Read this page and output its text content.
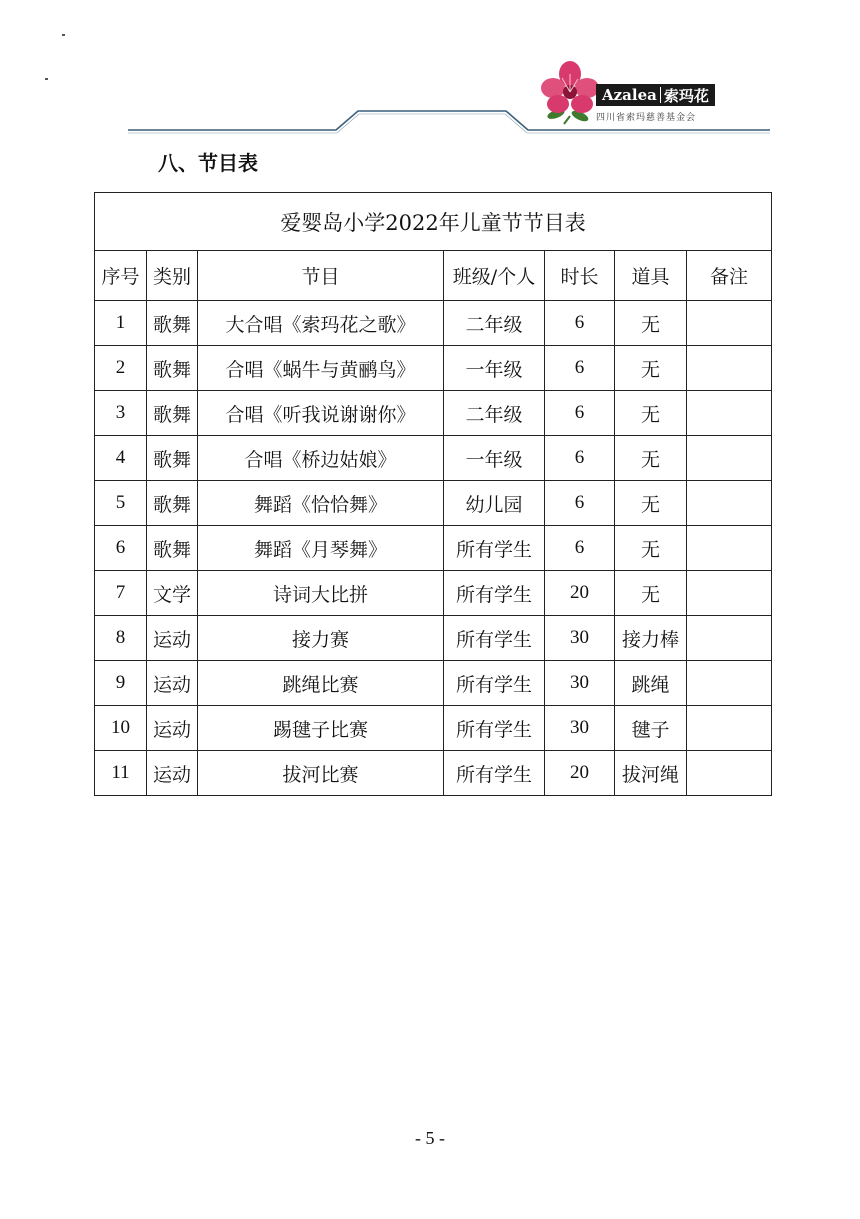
Azalea 索玛花
四川省索玛慈善基金会
八、节目表
爱婴岛小学2022年儿童节节目表						
序号	类别	节目	班级/个人	时长	道具	备注
1	歌舞	大合唱《索玛花之歌》	二年级	6	无	
2	歌舞	合唱《蜗牛与黄鹂鸟》	一年级	6	无	
3	歌舞	合唱《听我说谢谢你》	二年级	6	无	
4	歌舞	合唱《桥边姑娘》	一年级	6	无	
5	歌舞	舞蹈《恰恰舞》	幼儿园	6	无	
6	歌舞	舞蹈《月琴舞》	所有学生	6	无	
7	文学	诗词大比拼	所有学生	20	无	
8	运动	接力赛	所有学生	30	接力棒	
9	运动	跳绳比赛	所有学生	30	跳绳	
10	运动	踢毽子比赛	所有学生	30	毽子	
11	运动	拔河比赛	所有学生	20	拔河绳	
- 5 -
